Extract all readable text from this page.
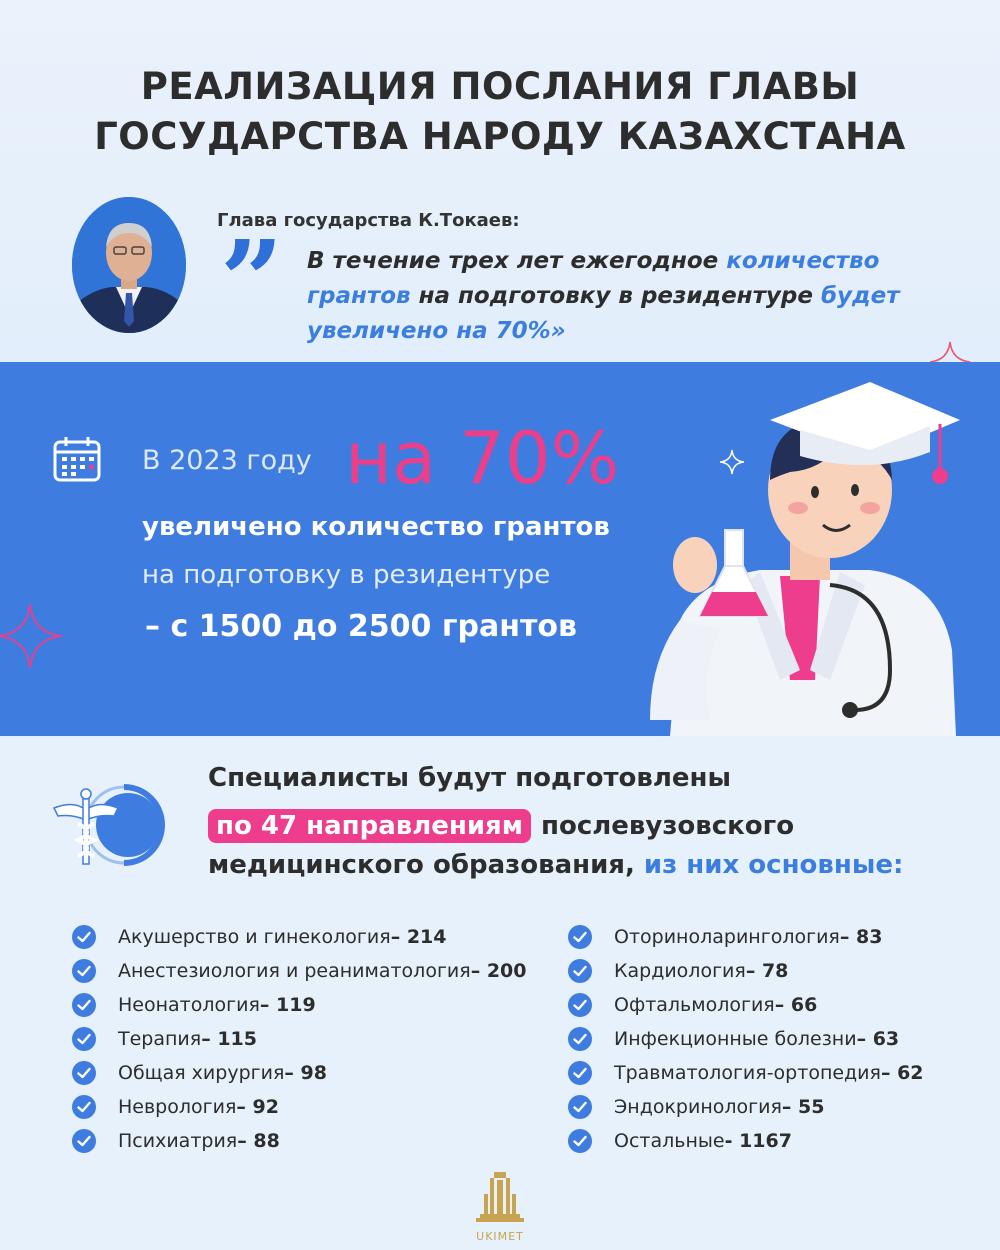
РЕАЛИЗАЦИЯ ПОСЛАНИЯ ГЛАВЫ
ГОСУДАРСТВА НАРОДУ КАЗАХСТАНА
Глава государства К.Токаев:
” В течение трех лет ежегодное количество грантов на подготовку в резидентуре будет увеличено на 70%»
В 2023 году на 70%
увеличено количество грантов
на подготовку в резидентуре
– с 1500 до 2500 грантов
Специалисты будут подготовлены
по 47 направлениям послевузовского
медицинского образования, из них основные:
Акушерство и гинекология – 214
Анестезиология и реаниматология – 200
Неонатология – 119
Терапия – 115
Общая хирургия – 98
Неврология – 92
Психиатрия – 88
Оториноларингология – 83
Кардиология – 78
Офтальмология – 66
Инфекционные болезни – 63
Травматология-ортопедия – 62
Эндокринология – 55
Остальные - 1167
UKIMET
